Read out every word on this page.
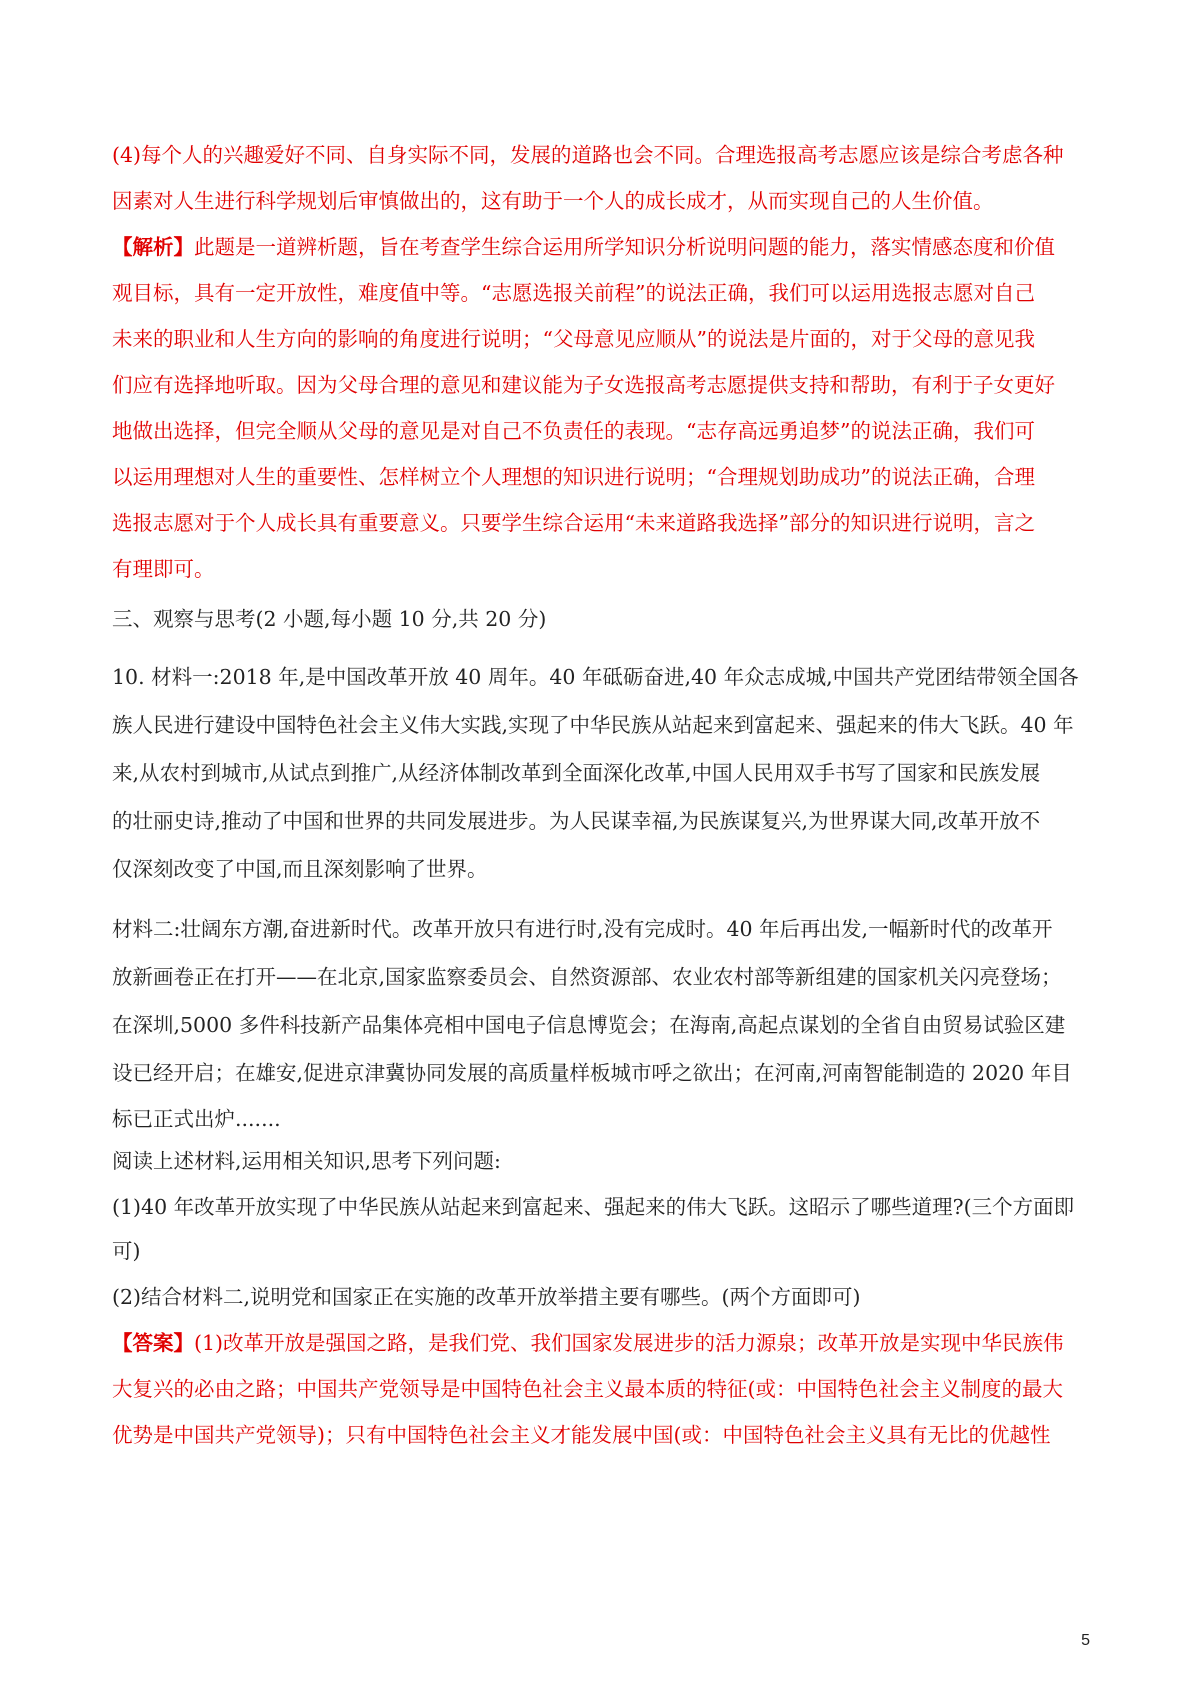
(4)每个人的兴趣爱好不同、自身实际不同，发展的道路也会不同。合理选报高考志愿应该是综合考虑各种
因素对人生进行科学规划后审慎做出的，这有助于一个人的成长成才，从而实现自己的人生价值。
【解析】此题是一道辨析题，旨在考查学生综合运用所学知识分析说明问题的能力，落实情感态度和价值
观目标，具有一定开放性，难度值中等。“志愿选报关前程”的说法正确，我们可以运用选报志愿对自己
未来的职业和人生方向的影响的角度进行说明；“父母意见应顺从”的说法是片面的，对于父母的意见我
们应有选择地听取。因为父母合理的意见和建议能为子女选报高考志愿提供支持和帮助，有利于子女更好
地做出选择，但完全顺从父母的意见是对自己不负责任的表现。“志存高远勇追梦”的说法正确，我们可
以运用理想对人生的重要性、怎样树立个人理想的知识进行说明；“合理规划助成功”的说法正确，合理
选报志愿对于个人成长具有重要意义。只要学生综合运用“未来道路我选择”部分的知识进行说明，言之
有理即可。
三、观察与思考(2 小题,每小题 10 分,共 20 分)
10. 材料一:2018 年,是中国改革开放 40 周年。40 年砥砺奋进,40 年众志成城,中国共产党团结带领全国各
族人民进行建设中国特色社会主义伟大实践,实现了中华民族从站起来到富起来、强起来的伟大飞跃。40 年
来,从农村到城市,从试点到推广,从经济体制改革到全面深化改革,中国人民用双手书写了国家和民族发展
的壮丽史诗,推动了中国和世界的共同发展进步。为人民谋幸福,为民族谋复兴,为世界谋大同,改革开放不
仅深刻改变了中国,而且深刻影响了世界。
材料二:壮阔东方潮,奋进新时代。改革开放只有进行时,没有完成时。40 年后再出发,一幅新时代的改革开
放新画卷正在打开——在北京,国家监察委员会、自然资源部、农业农村部等新组建的国家机关闪亮登场；
在深圳,5000 多件科技新产品集体亮相中国电子信息博览会；在海南,高起点谋划的全省自由贸易试验区建
设已经开启；在雄安,促进京津冀协同发展的高质量样板城市呼之欲出；在河南,河南智能制造的 2020 年目
标已正式出炉.......
阅读上述材料,运用相关知识,思考下列问题:
(1)40 年改革开放实现了中华民族从站起来到富起来、强起来的伟大飞跃。这昭示了哪些道理?(三个方面即
可)
(2)结合材料二,说明党和国家正在实施的改革开放举措主要有哪些。(两个方面即可)
【答案】(1)改革开放是强国之路，是我们党、我们国家发展进步的活力源泉；改革开放是实现中华民族伟
大复兴的必由之路；中国共产党领导是中国特色社会主义最本质的特征(或：中国特色社会主义制度的最大
优势是中国共产党领导)；只有中国特色社会主义才能发展中国(或：中国特色社会主义具有无比的优越性
5
